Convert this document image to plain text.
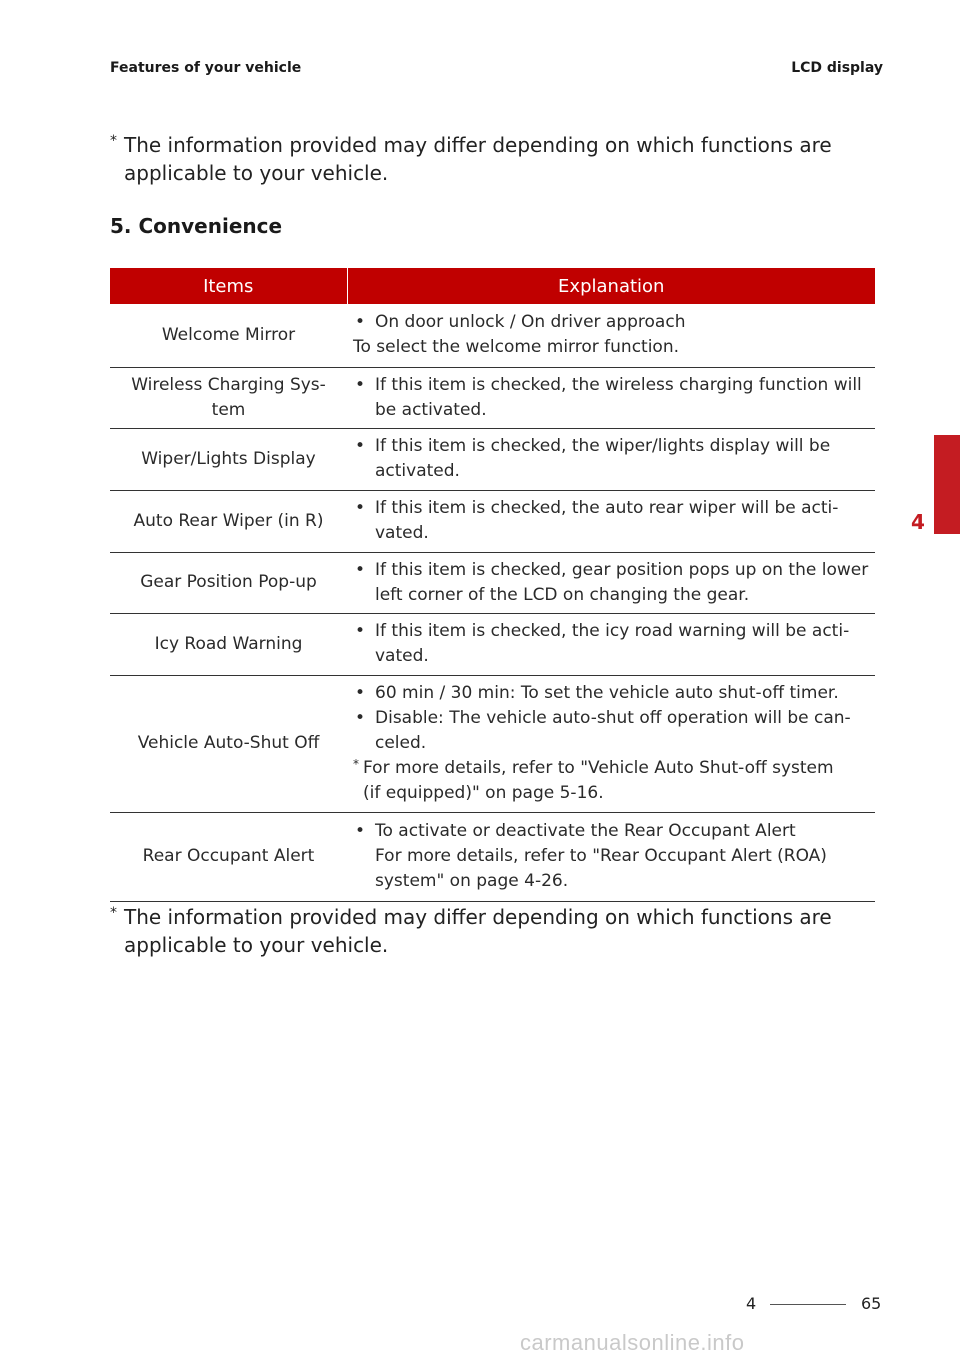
Features of your vehicle	LCD display
* The information provided may differ depending on which functions are applicable to your vehicle.
5. Convenience
Items	Explanation
Welcome Mirror	• On door unlock / On driver approach
To select the welcome mirror function.

Wireless Charging Sys-tem	• If this item is checked, the wireless charging function will be activated.

Wiper/Lights Display	• If this item is checked, the wiper/lights display will be activated.

Auto Rear Wiper (in R)	• If this item is checked, the auto rear wiper will be acti-vated.

Gear Position Pop-up	• If this item is checked, gear position pops up on the lower left corner of the LCD on changing the gear.

Icy Road Warning	• If this item is checked, the icy road warning will be acti-vated.

Vehicle Auto-Shut Off	• 60 min / 30 min: To set the vehicle auto shut-off timer.
• Disable: The vehicle auto-shut off operation will be can-celed.
* For more details, refer to "Vehicle Auto Shut-off system
(if equipped)" on page 5-16.

Rear Occupant Alert	• To activate or deactivate the Rear Occupant Alert
For more details, refer to "Rear Occupant Alert (ROA) system" on page 4-26.
* The information provided may differ depending on which functions are applicable to your vehicle.
4
4	65
carmanualsonline.info
